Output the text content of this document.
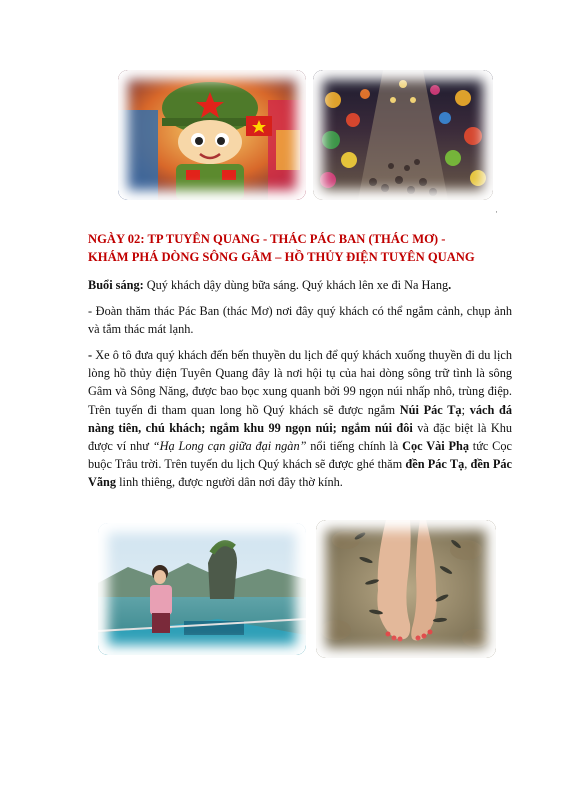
·
NGÀY 02: TP TUYÊN QUANG - THÁC PÁC BAN (THÁC MƠ) -
KHÁM PHÁ DÒNG SÔNG GÂM – HỒ THỦY ĐIỆN TUYÊN QUANG

Buổi sáng: Quý khách dậy dùng bữa sáng. Quý khách lên xe đi Na Hang.

- Đoàn thăm thác Pác Ban (thác Mơ) nơi đây quý khách có thể ngắm cảnh, chụp ảnh và tắm thác mát lạnh.

- Xe ô tô đưa quý khách đến bến thuyền du lịch để quý khách xuống thuyền đi du lịch lòng hồ thủy điện Tuyên Quang đây là nơi hội tụ của hai dòng sông trữ tình là sông Gâm và Sông Năng, được bao bọc xung quanh bởi 99 ngọn núi nhấp nhô, trùng điệp. Trên tuyến đi tham quan long hồ Quý khách sẽ được ngắm Núi Pác Tạ; vách đá nàng tiên, chú khách; ngắm khu 99 ngọn núi; ngắm núi đôi và đặc biệt là Khu được ví như “Hạ Long cạn giữa đại ngàn” nổi tiếng chính là Cọc Vài Phạ tức Cọc buộc Trâu trời. Trên tuyến du lịch Quý khách sẽ được ghé thăm đền Pác Tạ, đền Pác Vãng linh thiêng, được người dân nơi đây thờ kính.
